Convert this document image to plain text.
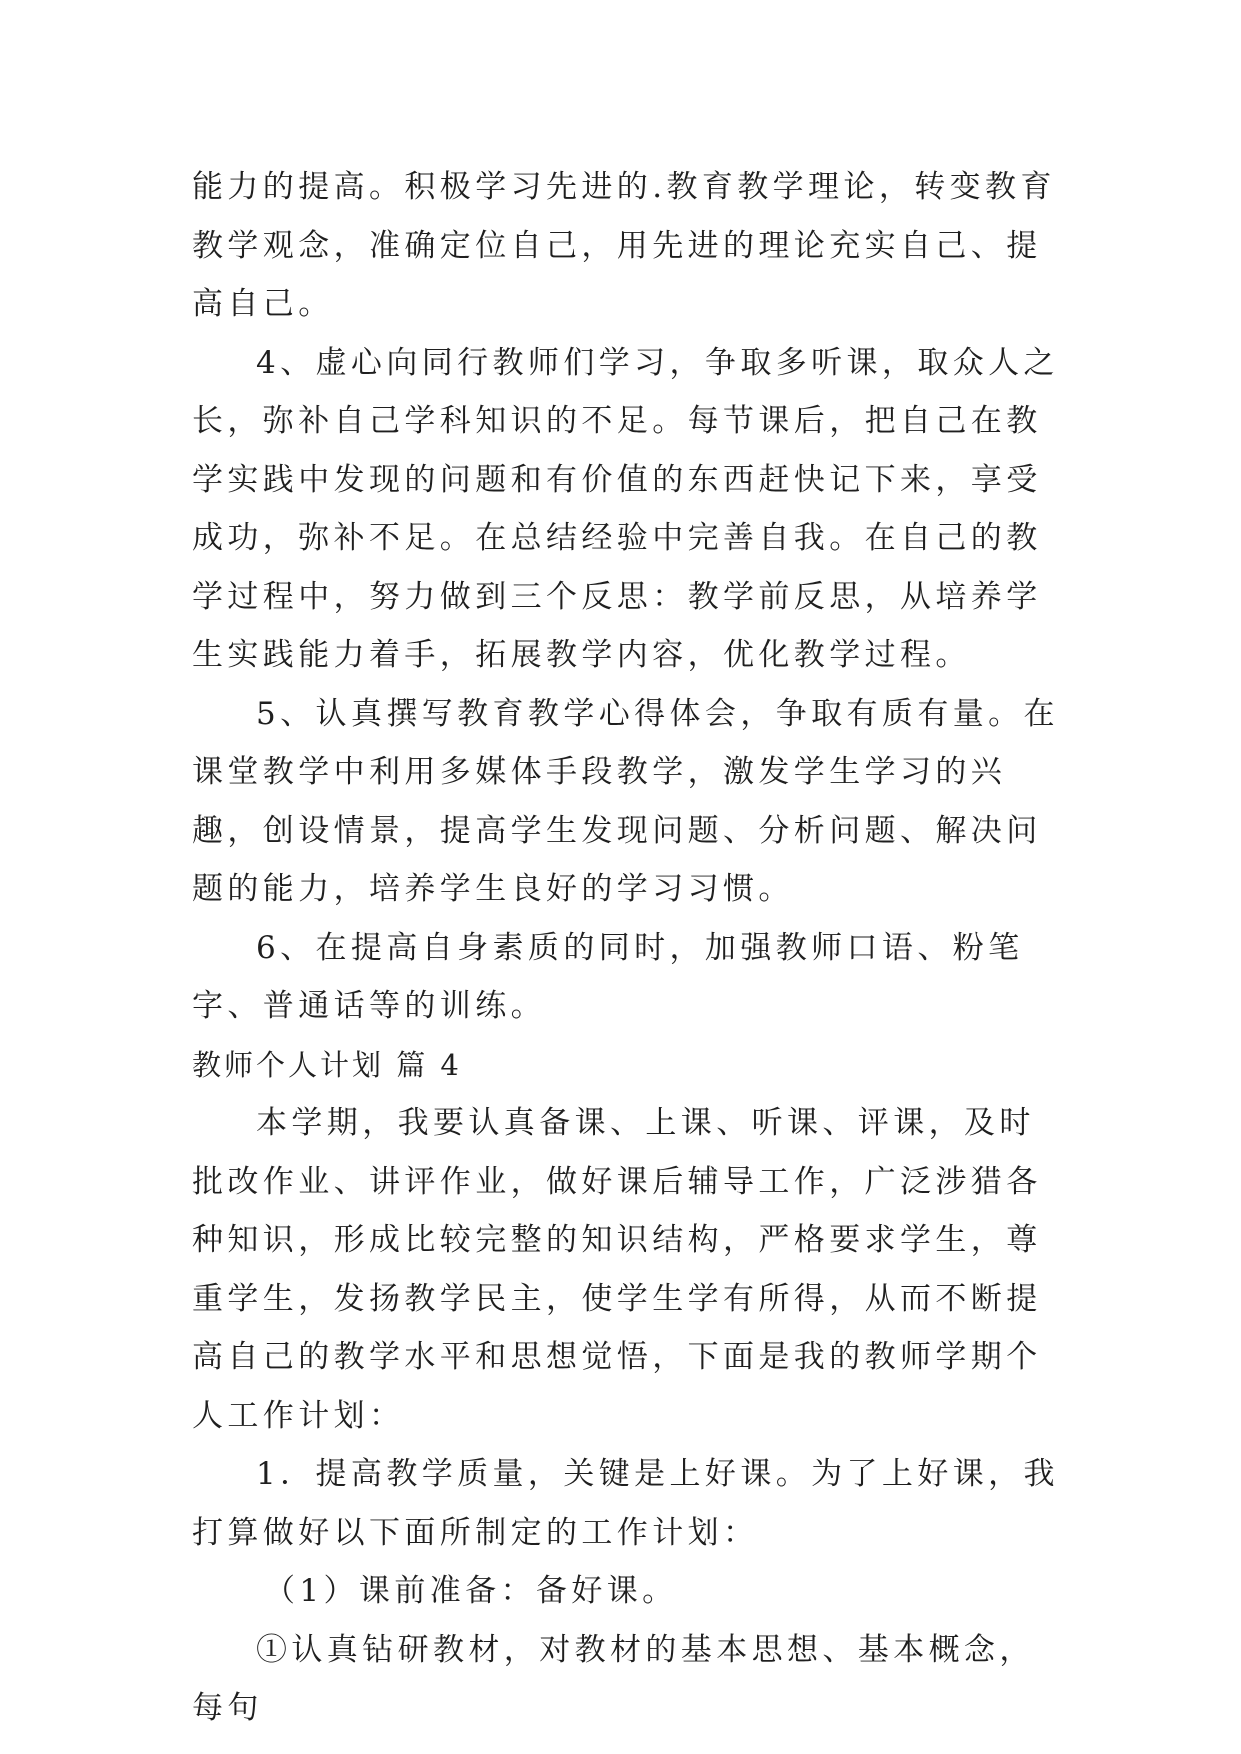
能力的提高。积极学习先进的.教育教学理论，转变教育教学观念，准确定位自己，用先进的理论充实自己、提高自己。

4、虚心向同行教师们学习，争取多听课，取众人之长，弥补自己学科知识的不足。每节课后，把自己在教学实践中发现的问题和有价值的东西赶快记下来，享受成功，弥补不足。在总结经验中完善自我。在自己的教学过程中，努力做到三个反思：教学前反思，从培养学生实践能力着手，拓展教学内容，优化教学过程。

5、认真撰写教育教学心得体会，争取有质有量。在课堂教学中利用多媒体手段教学，激发学生学习的兴趣，创设情景，提高学生发现问题、分析问题、解决问题的能力，培养学生良好的学习习惯。

6、在提高自身素质的同时，加强教师口语、粉笔字、普通话等的训练。

教师个人计划 篇 4

本学期，我要认真备课、上课、听课、评课，及时批改作业、讲评作业，做好课后辅导工作，广泛涉猎各种知识，形成比较完整的知识结构，严格要求学生，尊重学生，发扬教学民主，使学生学有所得，从而不断提高自己的教学水平和思想觉悟，下面是我的教师学期个人工作计划：

1．提高教学质量，关键是上好课。为了上好课，我打算做好以下面所制定的工作计划：

（1）课前准备：备好课。

①认真钻研教材，对教材的基本思想、基本概念，每句
